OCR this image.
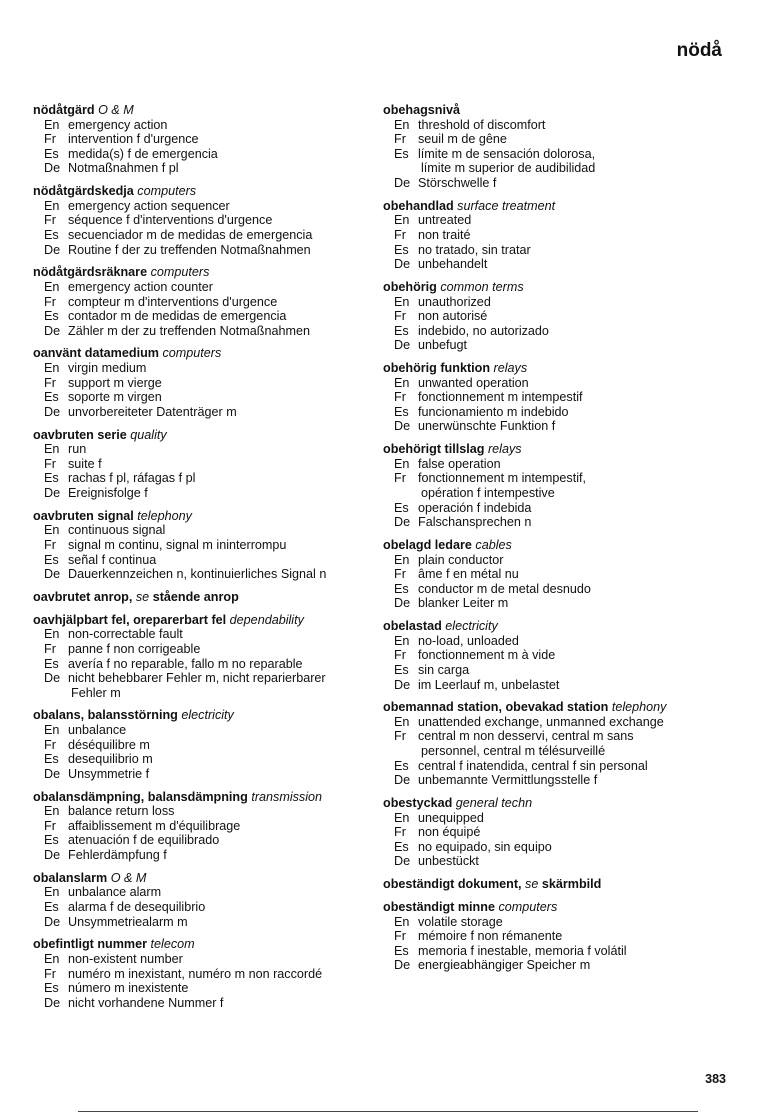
nödå
nödåtgärd O & M
En emergency action
Fr intervention f d'urgence
Es medida(s) f de emergencia
De Notmaßnahmen f pl
nödåtgärdskedja computers
En emergency action sequencer
Fr séquence f d'interventions d'urgence
Es secuenciador m de medidas de emergencia
De Routine f der zu treffenden Notmaßnahmen
nödåtgärdsräknare computers
En emergency action counter
Fr compteur m d'interventions d'urgence
Es contador m de medidas de emergencia
De Zähler m der zu treffenden Notmaßnahmen
oanvänt datamedium computers
En virgin medium
Fr support m vierge
Es soporte m virgen
De unvorbereiteter Datenträger m
oavbruten serie quality
En run
Fr suite f
Es rachas f pl, ráfagas f pl
De Ereignisfolge f
oavbruten signal telephony
En continuous signal
Fr signal m continu, signal m ininterrompu
Es señal f continua
De Dauerkennzeichen n, kontinuierliches Signal n
oavbrutet anrop, se stående anrop
oavhjälpbart fel, oreparerbart fel dependability
En non-correctable fault
Fr panne f non corrigeable
Es avería f no reparable, fallo m no reparable
De nicht behebbarer Fehler m, nicht reparierbarer
Fehler m
obalans, balansstörning electricity
En unbalance
Fr déséquilibre m
Es desequilibrio m
De Unsymmetrie f
obalansdämpning, balansdämpning transmission
En balance return loss
Fr affaiblissement m d'équilibrage
Es atenuación f de equilibrado
De Fehlerdämpfung f
obalanslarm O & M
En unbalance alarm
Es alarma f de desequilibrio
De Unsymmetriealarm m
obefintligt nummer telecom
En non-existent number
Fr numéro m inexistant, numéro m non raccordé
Es número m inexistente
De nicht vorhandene Nummer f
obehagsnivå
En threshold of discomfort
Fr seuil m de gêne
Es límite m de sensación dolorosa,
límite m superior de audibilidad
De Störschwelle f
obehandlad surface treatment
En untreated
Fr non traité
Es no tratado, sin tratar
De unbehandelt
obehörig common terms
En unauthorized
Fr non autorisé
Es indebido, no autorizado
De unbefugt
obehörig funktion relays
En unwanted operation
Fr fonctionnement m intempestif
Es funcionamiento m indebido
De unerwünschte Funktion f
obehörigt tillslag relays
En false operation
Fr fonctionnement m intempestif,
opération f intempestive
Es operación f indebida
De Falschansprechen n
obelagd ledare cables
En plain conductor
Fr âme f en métal nu
Es conductor m de metal desnudo
De blanker Leiter m
obelastad electricity
En no-load, unloaded
Fr fonctionnement m à vide
Es sin carga
De im Leerlauf m, unbelastet
obemannad station, obevakad station telephony
En unattended exchange, unmanned exchange
Fr central m non desservi, central m sans
personnel, central m télésurveillé
Es central f inatendida, central f sin personal
De unbemannte Vermittlungsstelle f
obestyckad general techn
En unequipped
Fr non équipé
Es no equipado, sin equipo
De unbestückt
obeständigt dokument, se skärmbild
obeständigt minne computers
En volatile storage
Fr mémoire f non rémanente
Es memoria f inestable, memoria f volátil
De energieabhängiger Speicher m
383
